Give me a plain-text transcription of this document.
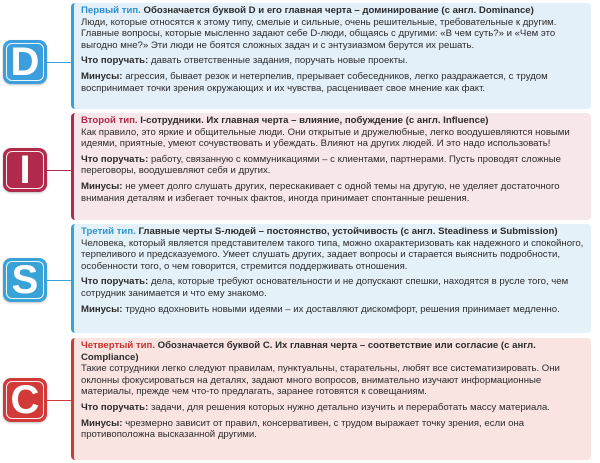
D
Первый тип. Обозначается буквой D и его главная черта – доминирование (с англ. Dominance)
Люди, которые относятся к этому типу, смелые и сильные, очень решительные, требовательные к другим. Главные вопросы, которые мысленно задают себе D-люди, общаясь с другими: «В чем суть?» и «Чем это выгодно мне?» Эти люди не боятся сложных задач и с энтузиазмом берутся их решать.
Что поручать: давать ответственные задания, поручать новые проекты.
Минусы: агрессия, бывает резок и нетерпелив, прерывает собеседников, легко раздражается, с трудом воспринимает точки зрения окружающих и их чувства, расценивает свое мнение как факт.
I
Второй тип. I-сотрудники. Их главная черта – влияние, побуждение (с англ. Influence)
Как правило, это яркие и общительные люди. Они открытые и дружелюбные, легко воодушевляются новыми идеями, приятные, умеют сочувствовать и убеждать. Влияют на других людей. И это надо использовать!
Что поручать: работу, связанную с коммуникациями – с клиентами, партнерами. Пусть проводят сложные переговоры, воодушевляют себя и других.
Минусы: не умеет долго слушать других, перескакивает с одной темы на другую, не уделяет достаточного внимания деталям и избегает точных фактов, иногда принимает спонтанные решения.
S
Третий тип. Главные черты S-людей – постоянство, устойчивость (с англ. Steadiness и Submission)
Человека, который является представителем такого типа, можно охарактеризовать как надежного и спокойного, терпеливого и предсказуемого. Умеет слушать других, задает вопросы и старается выяснить подробности, особенности того, о чем говорится, стремится поддерживать отношения.
Что поручать: дела, которые требуют основательности и не допускают спешки, находятся в русле того, чем сотрудник занимается и что ему знакомо.
Минусы: трудно вдохновить новыми идеями – их доставляют дискомфорт, решения принимает медленно.
C
Четвертый тип. Обозначается буквой С. Их главная черта – соответствие или согласие (с англ. Compliance)
Такие сотрудники легко следуют правилам, пунктуальны, старательны, любят все систематизировать. Они оклонны фокусироваться на деталях, задают много вопросов, внимательно изучают информационные материалы, прежде чем что-то предлагать, заранее готовятся к совещаниям.
Что поручать: задачи, для решения которых нужно детально изучить и переработать массу материала.
Минусы: чрезмерно зависит от правил, консервативен, с трудом выражает точку зрения, если она противоположна высказанной другими.
